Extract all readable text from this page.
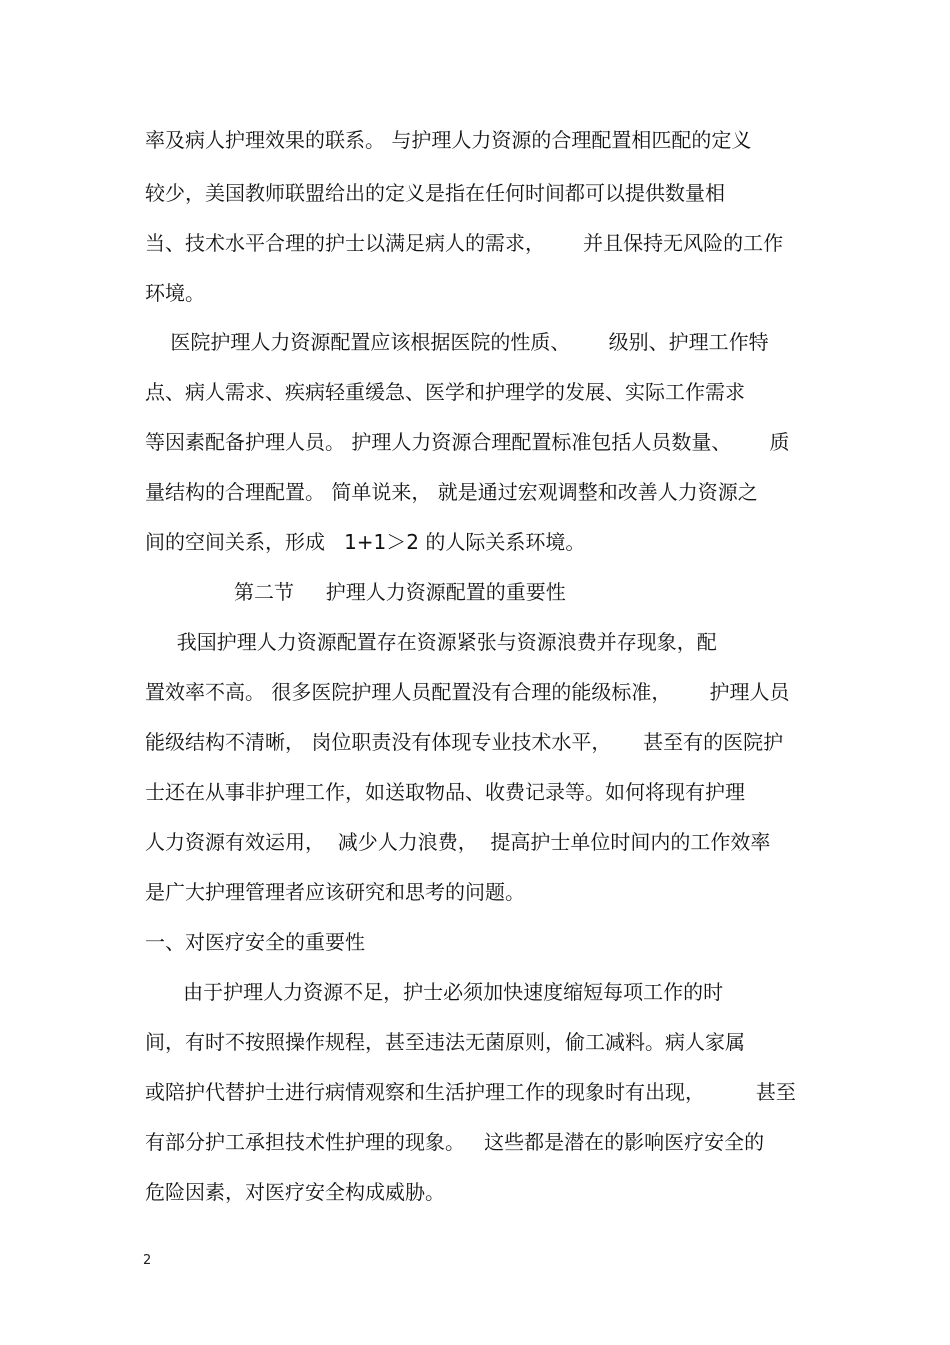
率及病人护理效果的联系。 与护理人力资源的合理配置相匹配的定义
较少，美国教师联盟给出的定义是指在任何时间都可以提供数量相
当、技术水平合理的护士以满足病人的需求，      并且保持无风险的工作
环境。
医院护理人力资源配置应该根据医院的性质、      级别、护理工作特
点、病人需求、疾病轻重缓急、医学和护理学的发展、实际工作需求
等因素配备护理人员。 护理人力资源合理配置标准包括人员数量、      质
量结构的合理配置。 简单说来， 就是通过宏观调整和改善人力资源之
间的空间关系，形成   1+1＞2 的人际关系环境。
第二节     护理人力资源配置的重要性
我国护理人力资源配置存在资源紧张与资源浪费并存现象，配
置效率不高。 很多医院护理人员配置没有合理的能级标准，      护理人员
能级结构不清晰， 岗位职责没有体现专业技术水平，     甚至有的医院护
士还在从事非护理工作，如送取物品、收费记录等。如何将现有护理
人力资源有效运用，  减少人力浪费，  提高护士单位时间内的工作效率
是广大护理管理者应该研究和思考的问题。
一、对医疗安全的重要性
由于护理人力资源不足，护士必须加快速度缩短每项工作的时
间，有时不按照操作规程，甚至违法无菌原则，偷工减料。病人家属
或陪护代替护士进行病情观察和生活护理工作的现象时有出现，        甚至
有部分护工承担技术性护理的现象。   这些都是潜在的影响医疗安全的
危险因素，对医疗安全构成威胁。
2
